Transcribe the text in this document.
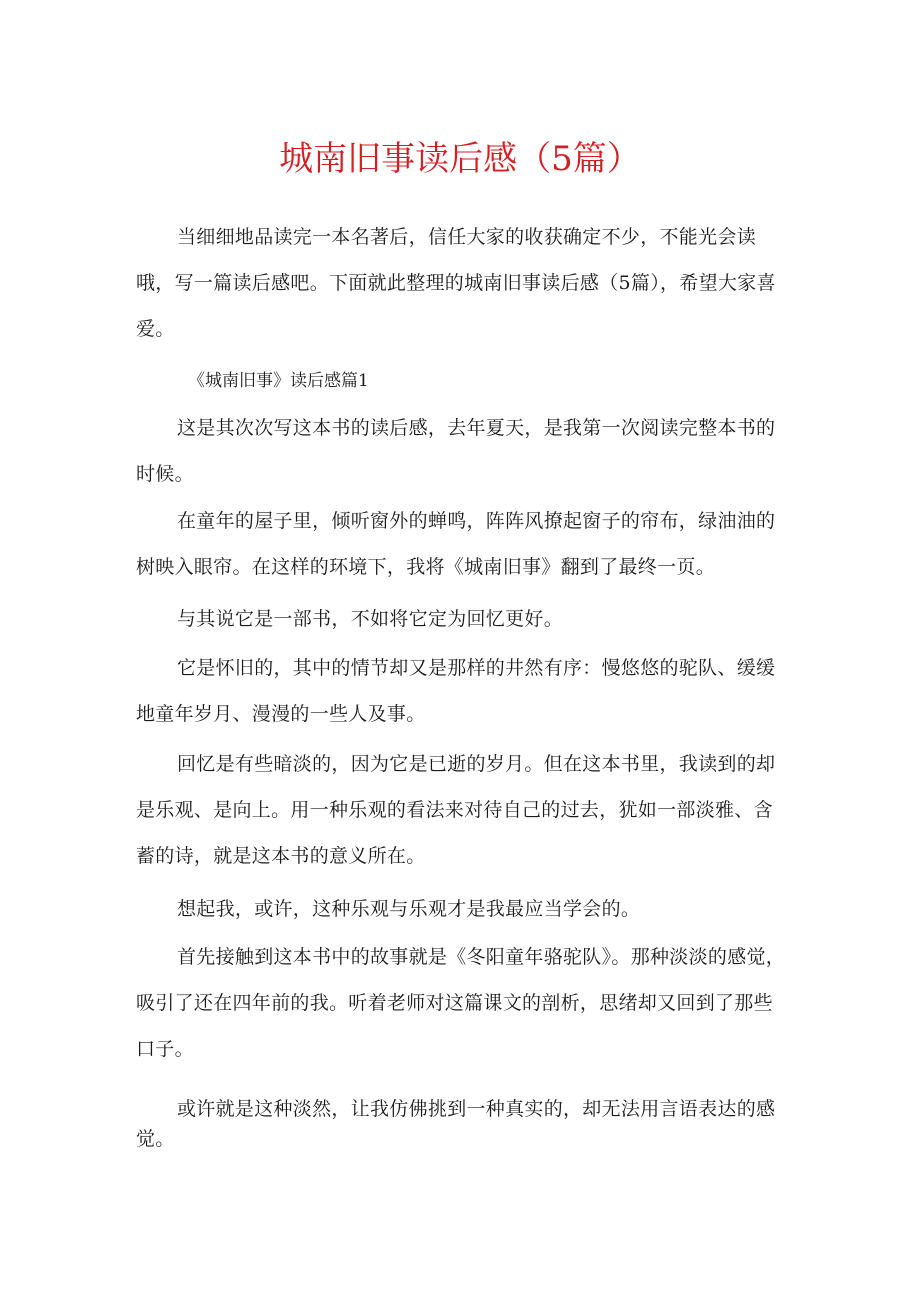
城南旧事读后感（5篇）

当细细地品读完一本名著后，信任大家的收获确定不少，不能光会读哦，写一篇读后感吧。下面就此整理的城南旧事读后感（5篇），希望大家喜爱。

《城南旧事》读后感篇1

这是其次次写这本书的读后感，去年夏天，是我第一次阅读完整本书的时候。

在童年的屋子里，倾听窗外的蝉鸣，阵阵风撩起窗子的帘布，绿油油的树映入眼帘。在这样的环境下，我将《城南旧事》翻到了最终一页。

与其说它是一部书，不如将它定为回忆更好。

它是怀旧的，其中的情节却又是那样的井然有序：慢悠悠的驼队、缓缓地童年岁月、漫漫的一些人及事。

回忆是有些暗淡的，因为它是已逝的岁月。但在这本书里，我读到的却是乐观、是向上。用一种乐观的看法来对待自己的过去，犹如一部淡雅、含蓄的诗，就是这本书的意义所在。

想起我，或许，这种乐观与乐观才是我最应当学会的。

首先接触到这本书中的故事就是《冬阳童年骆驼队》。那种淡淡的感觉，吸引了还在四年前的我。听着老师对这篇课文的剖析，思绪却又回到了那些口子。

或许就是这种淡然，让我仿佛挑到一种真实的，却无法用言语表达的感觉。
